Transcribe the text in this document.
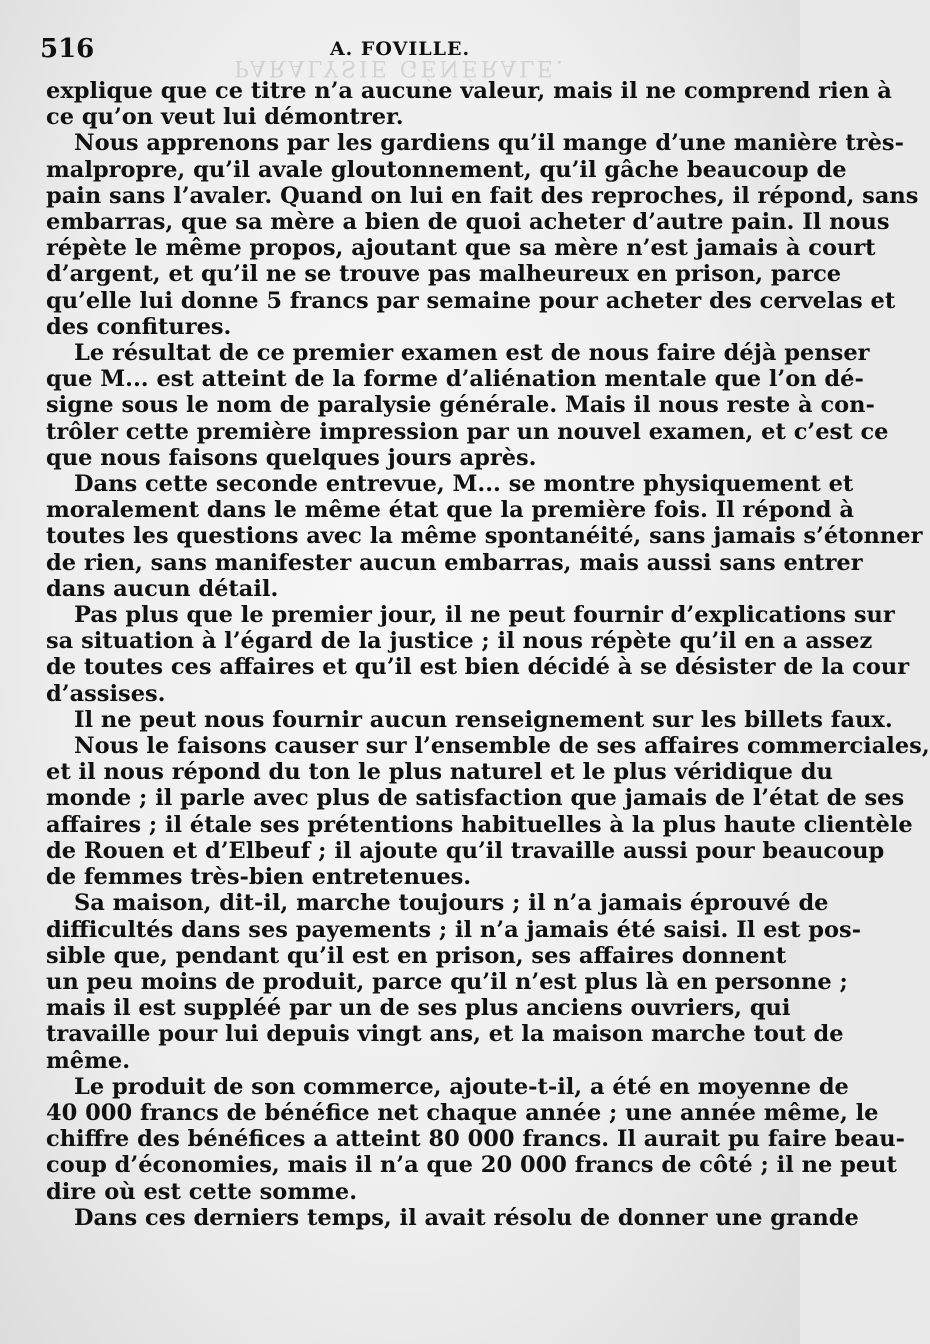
PARALYSIE GÉNÉRALE.
516	A. FOVILLE.
explique que ce titre n’a aucune valeur, mais il ne comprend rien à
ce qu’on veut lui démontrer.
Nous apprenons par les gardiens qu’il mange d’une manière très-
malpropre, qu’il avale gloutonnement, qu’il gâche beaucoup de
pain sans l’avaler. Quand on lui en fait des reproches, il répond, sans
embarras, que sa mère a bien de quoi acheter d’autre pain. Il nous
répète le même propos, ajoutant que sa mère n’est jamais à court
d’argent, et qu’il ne se trouve pas malheureux en prison, parce
qu’elle lui donne 5 francs par semaine pour acheter des cervelas et
des confitures.
Le résultat de ce premier examen est de nous faire déjà penser
que M... est atteint de la forme d’aliénation mentale que l’on dé-
signe sous le nom de paralysie générale. Mais il nous reste à con-
trôler cette première impression par un nouvel examen, et c’est ce
que nous faisons quelques jours après.
Dans cette seconde entrevue, M... se montre physiquement et
moralement dans le même état que la première fois. Il répond à
toutes les questions avec la même spontanéité, sans jamais s’étonner
de rien, sans manifester aucun embarras, mais aussi sans entrer
dans aucun détail.
Pas plus que le premier jour, il ne peut fournir d’explications sur
sa situation à l’égard de la justice ; il nous répète qu’il en a assez
de toutes ces affaires et qu’il est bien décidé à se désister de la cour
d’assises.
Il ne peut nous fournir aucun renseignement sur les billets faux.
Nous le faisons causer sur l’ensemble de ses affaires commerciales,
et il nous répond du ton le plus naturel et le plus véridique du
monde ; il parle avec plus de satisfaction que jamais de l’état de ses
affaires ; il étale ses prétentions habituelles à la plus haute clientèle
de Rouen et d’Elbeuf ; il ajoute qu’il travaille aussi pour beaucoup
de femmes très-bien entretenues.
Sa maison, dit-il, marche toujours ; il n’a jamais éprouvé de
difficultés dans ses payements ; il n’a jamais été saisi. Il est pos-
sible que, pendant qu’il est en prison, ses affaires donnent
un peu moins de produit, parce qu’il n’est plus là en personne ;
mais il est suppléé par un de ses plus anciens ouvriers, qui
travaille pour lui depuis vingt ans, et la maison marche tout de
même.
Le produit de son commerce, ajoute-t-il, a été en moyenne de
40 000 francs de bénéfice net chaque année ; une année même, le
chiffre des bénéfices a atteint 80 000 francs. Il aurait pu faire beau-
coup d’économies, mais il n’a que 20 000 francs de côté ; il ne peut
dire où est cette somme.
Dans ces derniers temps, il avait résolu de donner une grande
